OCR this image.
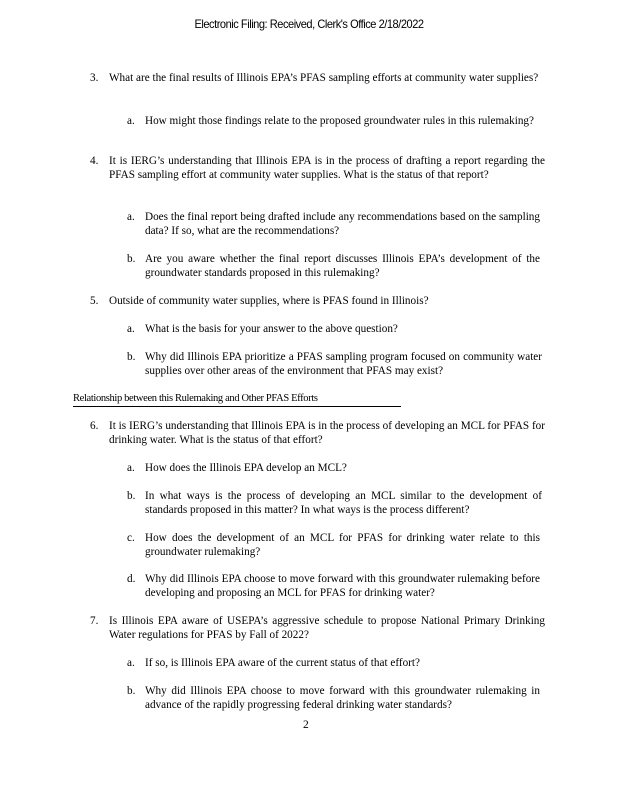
Electronic Filing: Received, Clerk's Office 2/18/2022
3. What are the final results of Illinois EPA’s PFAS sampling efforts at community water supplies?
a. How might those findings relate to the proposed groundwater rules in this rulemaking?
4. It is IERG’s understanding that Illinois EPA is in the process of drafting a report regarding the PFAS sampling effort at community water supplies. What is the status of that report?
a. Does the final report being drafted include any recommendations based on the sampling data? If so, what are the recommendations?
b. Are you aware whether the final report discusses Illinois EPA’s development of the groundwater standards proposed in this rulemaking?
5. Outside of community water supplies, where is PFAS found in Illinois?
a. What is the basis for your answer to the above question?
b. Why did Illinois EPA prioritize a PFAS sampling program focused on community water supplies over other areas of the environment that PFAS may exist?
Relationship between this Rulemaking and Other PFAS Efforts
6. It is IERG’s understanding that Illinois EPA is in the process of developing an MCL for PFAS for drinking water. What is the status of that effort?
a. How does the Illinois EPA develop an MCL?
b. In what ways is the process of developing an MCL similar to the development of standards proposed in this matter? In what ways is the process different?
c. How does the development of an MCL for PFAS for drinking water relate to this groundwater rulemaking?
d. Why did Illinois EPA choose to move forward with this groundwater rulemaking before developing and proposing an MCL for PFAS for drinking water?
7. Is Illinois EPA aware of USEPA’s aggressive schedule to propose National Primary Drinking Water regulations for PFAS by Fall of 2022?
a. If so, is Illinois EPA aware of the current status of that effort?
b. Why did Illinois EPA choose to move forward with this groundwater rulemaking in advance of the rapidly progressing federal drinking water standards?
2
